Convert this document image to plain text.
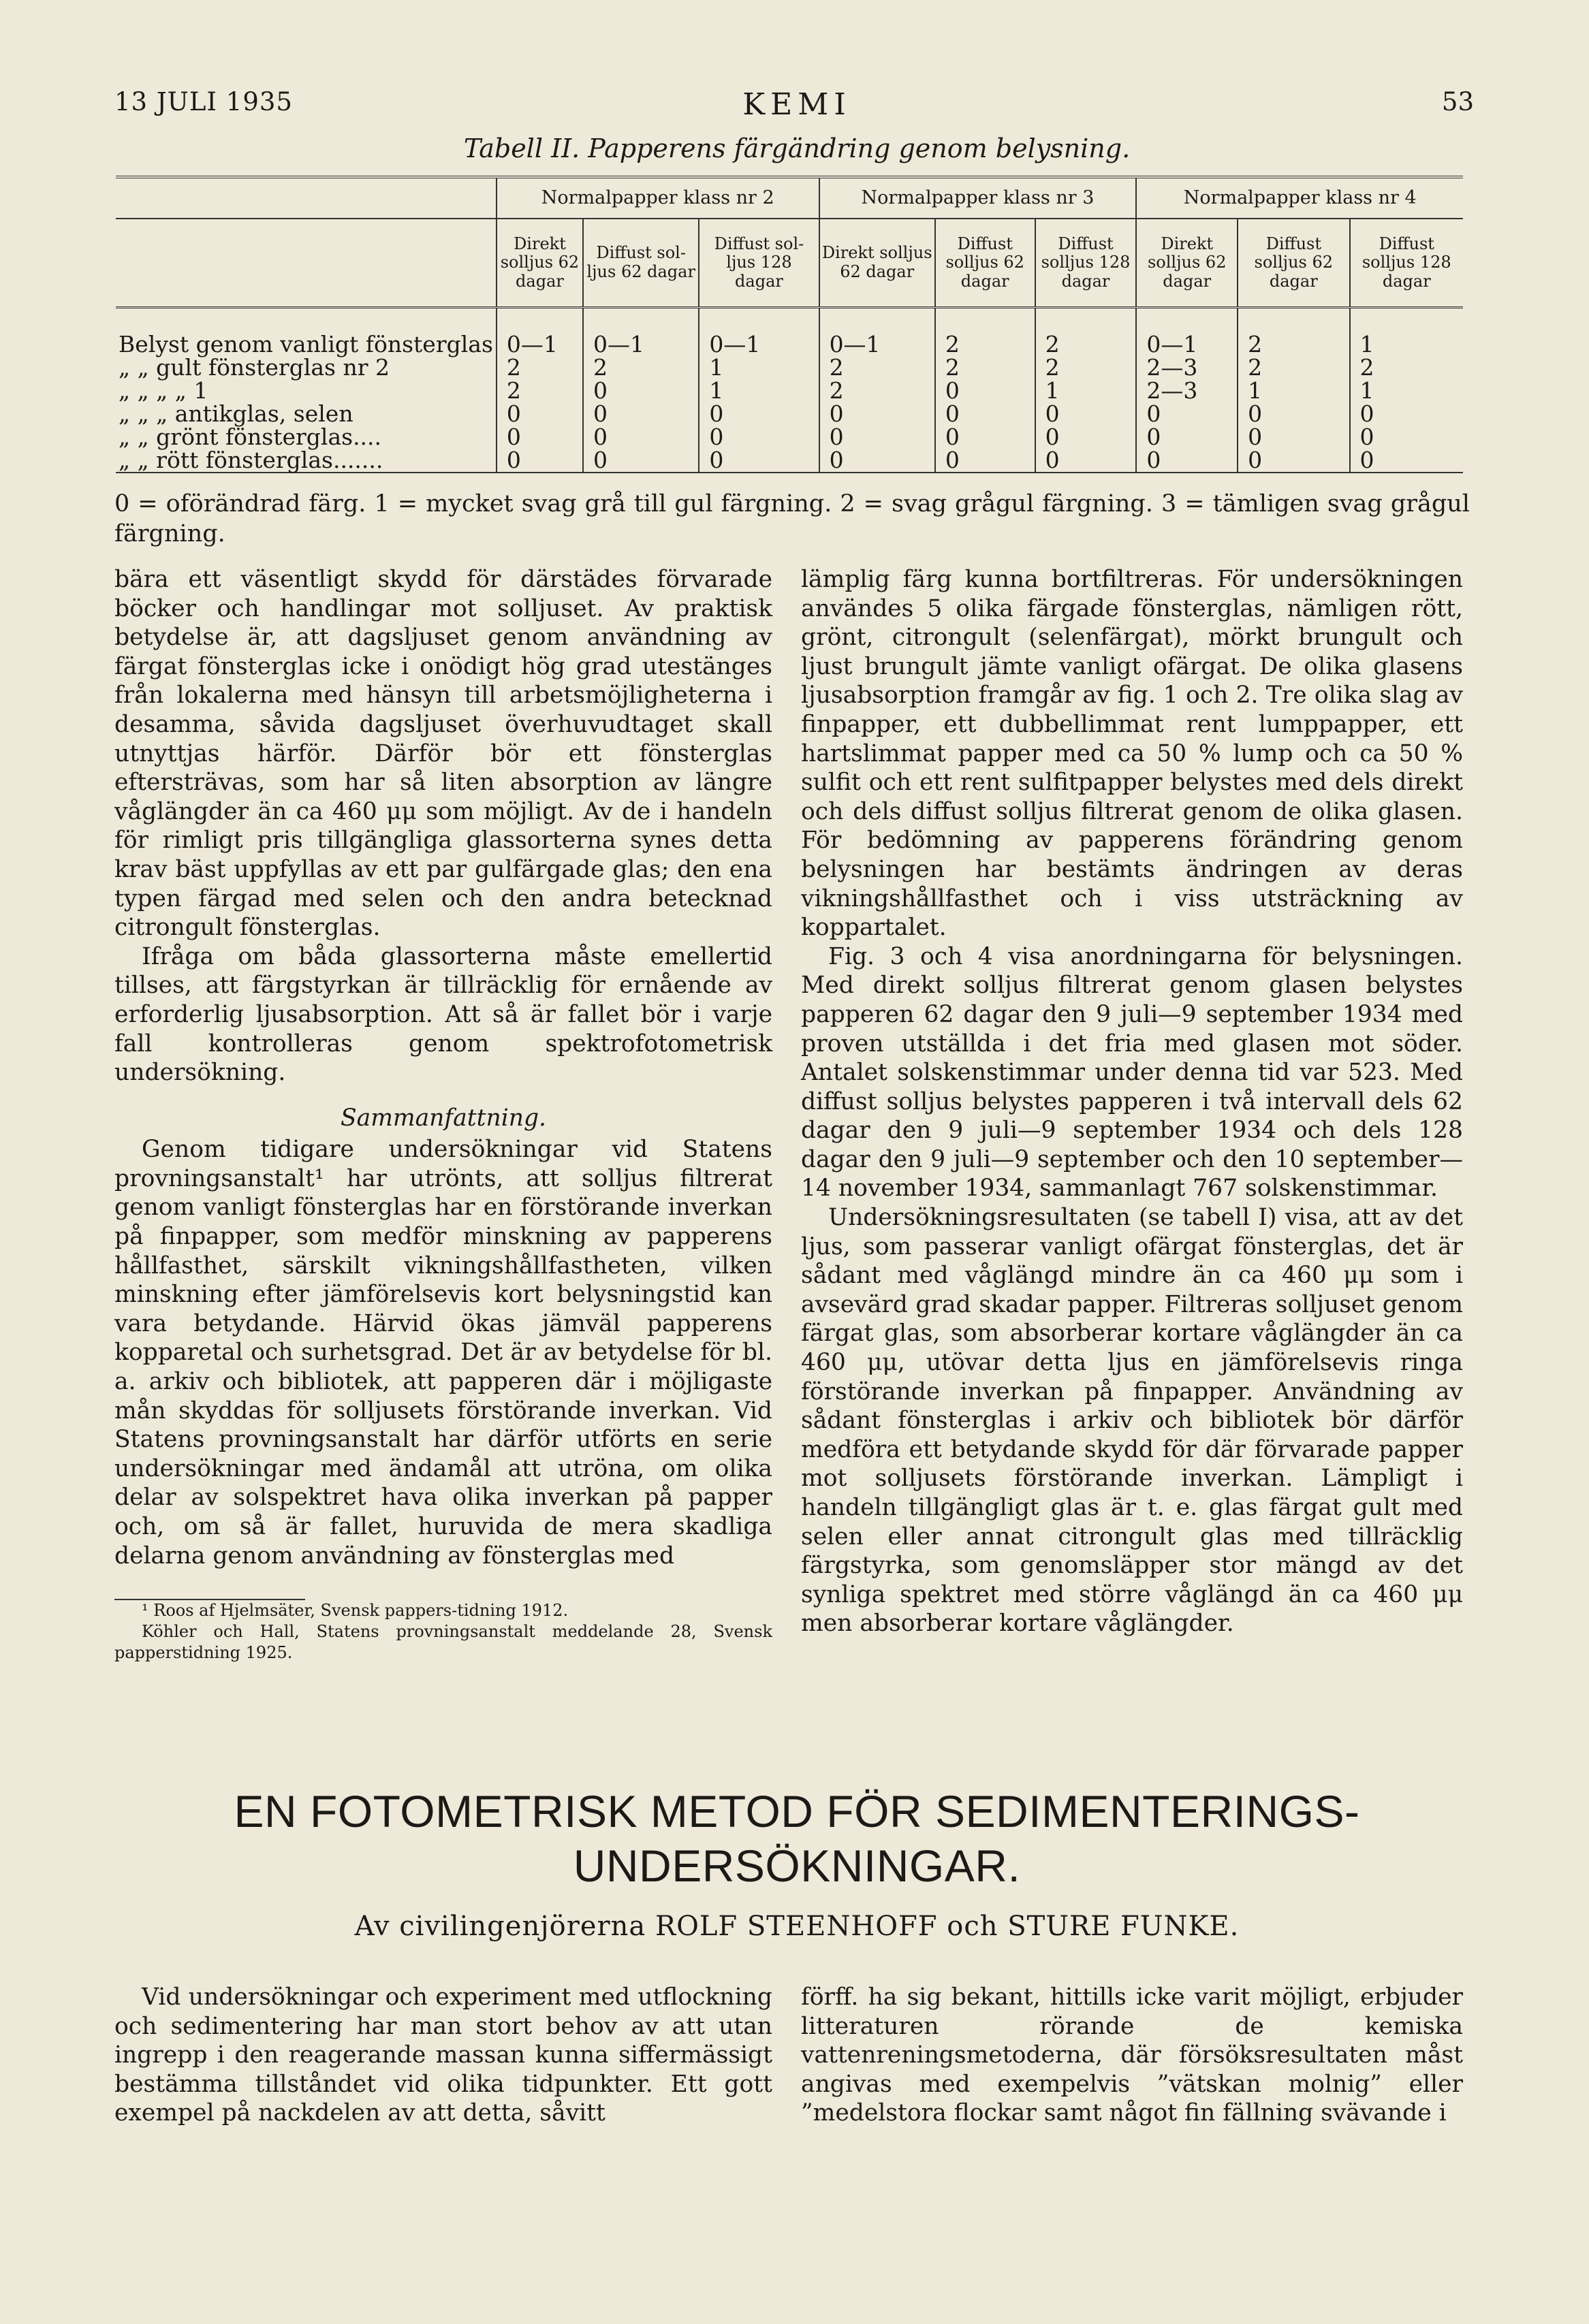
13 JULI 1935	KEMI	53
Tabell II. Papperens färgändring genom belysning.
	Normalpapper klass nr 2			Normalpapper klass nr 3			Normalpapper klass nr 4		
	Direkt solljus 62 dagar	Diffust sol-ljus 62 dagar	Diffust sol-ljus 128 dagar	Direkt solljus 62 dagar	Diffust solljus 62 dagar	Diffust solljus 128 dagar	Direkt solljus 62 dagar	Diffust solljus 62 dagar	Diffust solljus 128 dagar
Belyst genom vanligt fönsterglas	0—1	0—1	0—1	0—1	2	2	0—1	2	1
„ „ gult fönsterglas nr 2	2	2	1	2	2	2	2—3	2	2
„ „ „ „ 1	2	0	1	2	0	1	2—3	1	1
„ „ „ antikglas, selen	0	0	0	0	0	0	0	0	0
„ „ grönt fönsterglas....	0	0	0	0	0	0	0	0	0
„ „ rött fönsterglas.......	0	0	0	0	0	0	0	0	0
0 = oförändrad färg. 1 = mycket svag grå till gul färgning. 2 = svag grågul färgning. 3 = tämligen svag grågul färgning.

bära ett väsentligt skydd för därstädes förvarade böcker och handlingar mot solljuset. Av praktisk betydelse är, att dagsljuset genom användning av färgat fönsterglas icke i onödigt hög grad utestänges från lokalerna med hänsyn till arbetsmöjligheterna i desamma, såvida dagsljuset överhuvudtaget skall utnyttjas härför. Därför bör ett fönsterglas eftersträvas, som har så liten absorption av längre våglängder än ca 460 μμ som möjligt. Av de i handeln för rimligt pris tillgängliga glassorterna synes detta krav bäst uppfyllas av ett par gulfärgade glas; den ena typen färgad med selen och den andra betecknad citrongult fönsterglas.

Ifråga om båda glassorterna måste emellertid tillses, att färgstyrkan är tillräcklig för ernående av erforderlig ljusabsorption. Att så är fallet bör i varje fall kontrolleras genom spektrofotometrisk undersökning.

Sammanfattning.

Genom tidigare undersökningar vid Statens provningsanstalt¹ har utrönts, att solljus filtrerat genom vanligt fönsterglas har en förstörande inverkan på finpapper, som medför minskning av papperens hållfasthet, särskilt vikningshållfastheten, vilken minskning efter jämförelsevis kort belysningstid kan vara betydande. Härvid ökas jämväl papperens kopparetal och surhetsgrad. Det är av betydelse för bl. a. arkiv och bibliotek, att papperen där i möjligaste mån skyddas för solljusets förstörande inverkan. Vid Statens provningsanstalt har därför utförts en serie undersökningar med ändamål att utröna, om olika delar av solspektret hava olika inverkan på papper och, om så är fallet, huruvida de mera skadliga delarna genom användning av fönsterglas med

¹ Roos af Hjelmsäter, Svensk pappers-tidning 1912.

Köhler och Hall, Statens provningsanstalt meddelande 28, Svensk papperstidning 1925.

lämplig färg kunna bortfiltreras. För undersökningen användes 5 olika färgade fönsterglas, nämligen rött, grönt, citrongult (selenfärgat), mörkt brungult och ljust brungult jämte vanligt ofärgat. De olika glasens ljusabsorption framgår av fig. 1 och 2. Tre olika slag av finpapper, ett dubbellimmat rent lumppapper, ett hartslimmat papper med ca 50 % lump och ca 50 % sulfit och ett rent sulfitpapper belystes med dels direkt och dels diffust solljus filtrerat genom de olika glasen. För bedömning av papperens förändring genom belysningen har bestämts ändringen av deras vikningshållfasthet och i viss utsträckning av koppartalet.

Fig. 3 och 4 visa anordningarna för belysningen. Med direkt solljus filtrerat genom glasen belystes papperen 62 dagar den 9 juli—9 september 1934 med proven utställda i det fria med glasen mot söder. Antalet solskenstimmar under denna tid var 523. Med diffust solljus belystes papperen i två intervall dels 62 dagar den 9 juli—9 september 1934 och dels 128 dagar den 9 juli—9 september och den 10 september—14 november 1934, sammanlagt 767 solskenstimmar.

Undersökningsresultaten (se tabell I) visa, att av det ljus, som passerar vanligt ofärgat fönsterglas, det är sådant med våglängd mindre än ca 460 μμ som i avsevärd grad skadar papper. Filtreras solljuset genom färgat glas, som absorberar kortare våglängder än ca 460 μμ, utövar detta ljus en jämförelsevis ringa förstörande inverkan på finpapper. Användning av sådant fönsterglas i arkiv och bibliotek bör därför medföra ett betydande skydd för där förvarade papper mot solljusets förstörande inverkan. Lämpligt i handeln tillgängligt glas är t. e. glas färgat gult med selen eller annat citrongult glas med tillräcklig färgstyrka, som genomsläpper stor mängd av det synliga spektret med större våglängd än ca 460 μμ men absorberar kortare våglängder.

EN FOTOMETRISK METOD FÖR SEDIMENTERINGS-
UNDERSÖKNINGAR.
Av civilingenjörerna ROLF STEENHOFF och STURE FUNKE.

Vid undersökningar och experiment med utflockning och sedimentering har man stort behov av att utan ingrepp i den reagerande massan kunna siffermässigt bestämma tillståndet vid olika tidpunkter. Ett gott exempel på nackdelen av att detta, såvitt

förff. ha sig bekant, hittills icke varit möjligt, erbjuder litteraturen rörande de kemiska vattenreningsmetoderna, där försöksresultaten måst angivas med exempelvis ”vätskan molnig” eller ”medelstora flockar samt något fin fällning svävande i
